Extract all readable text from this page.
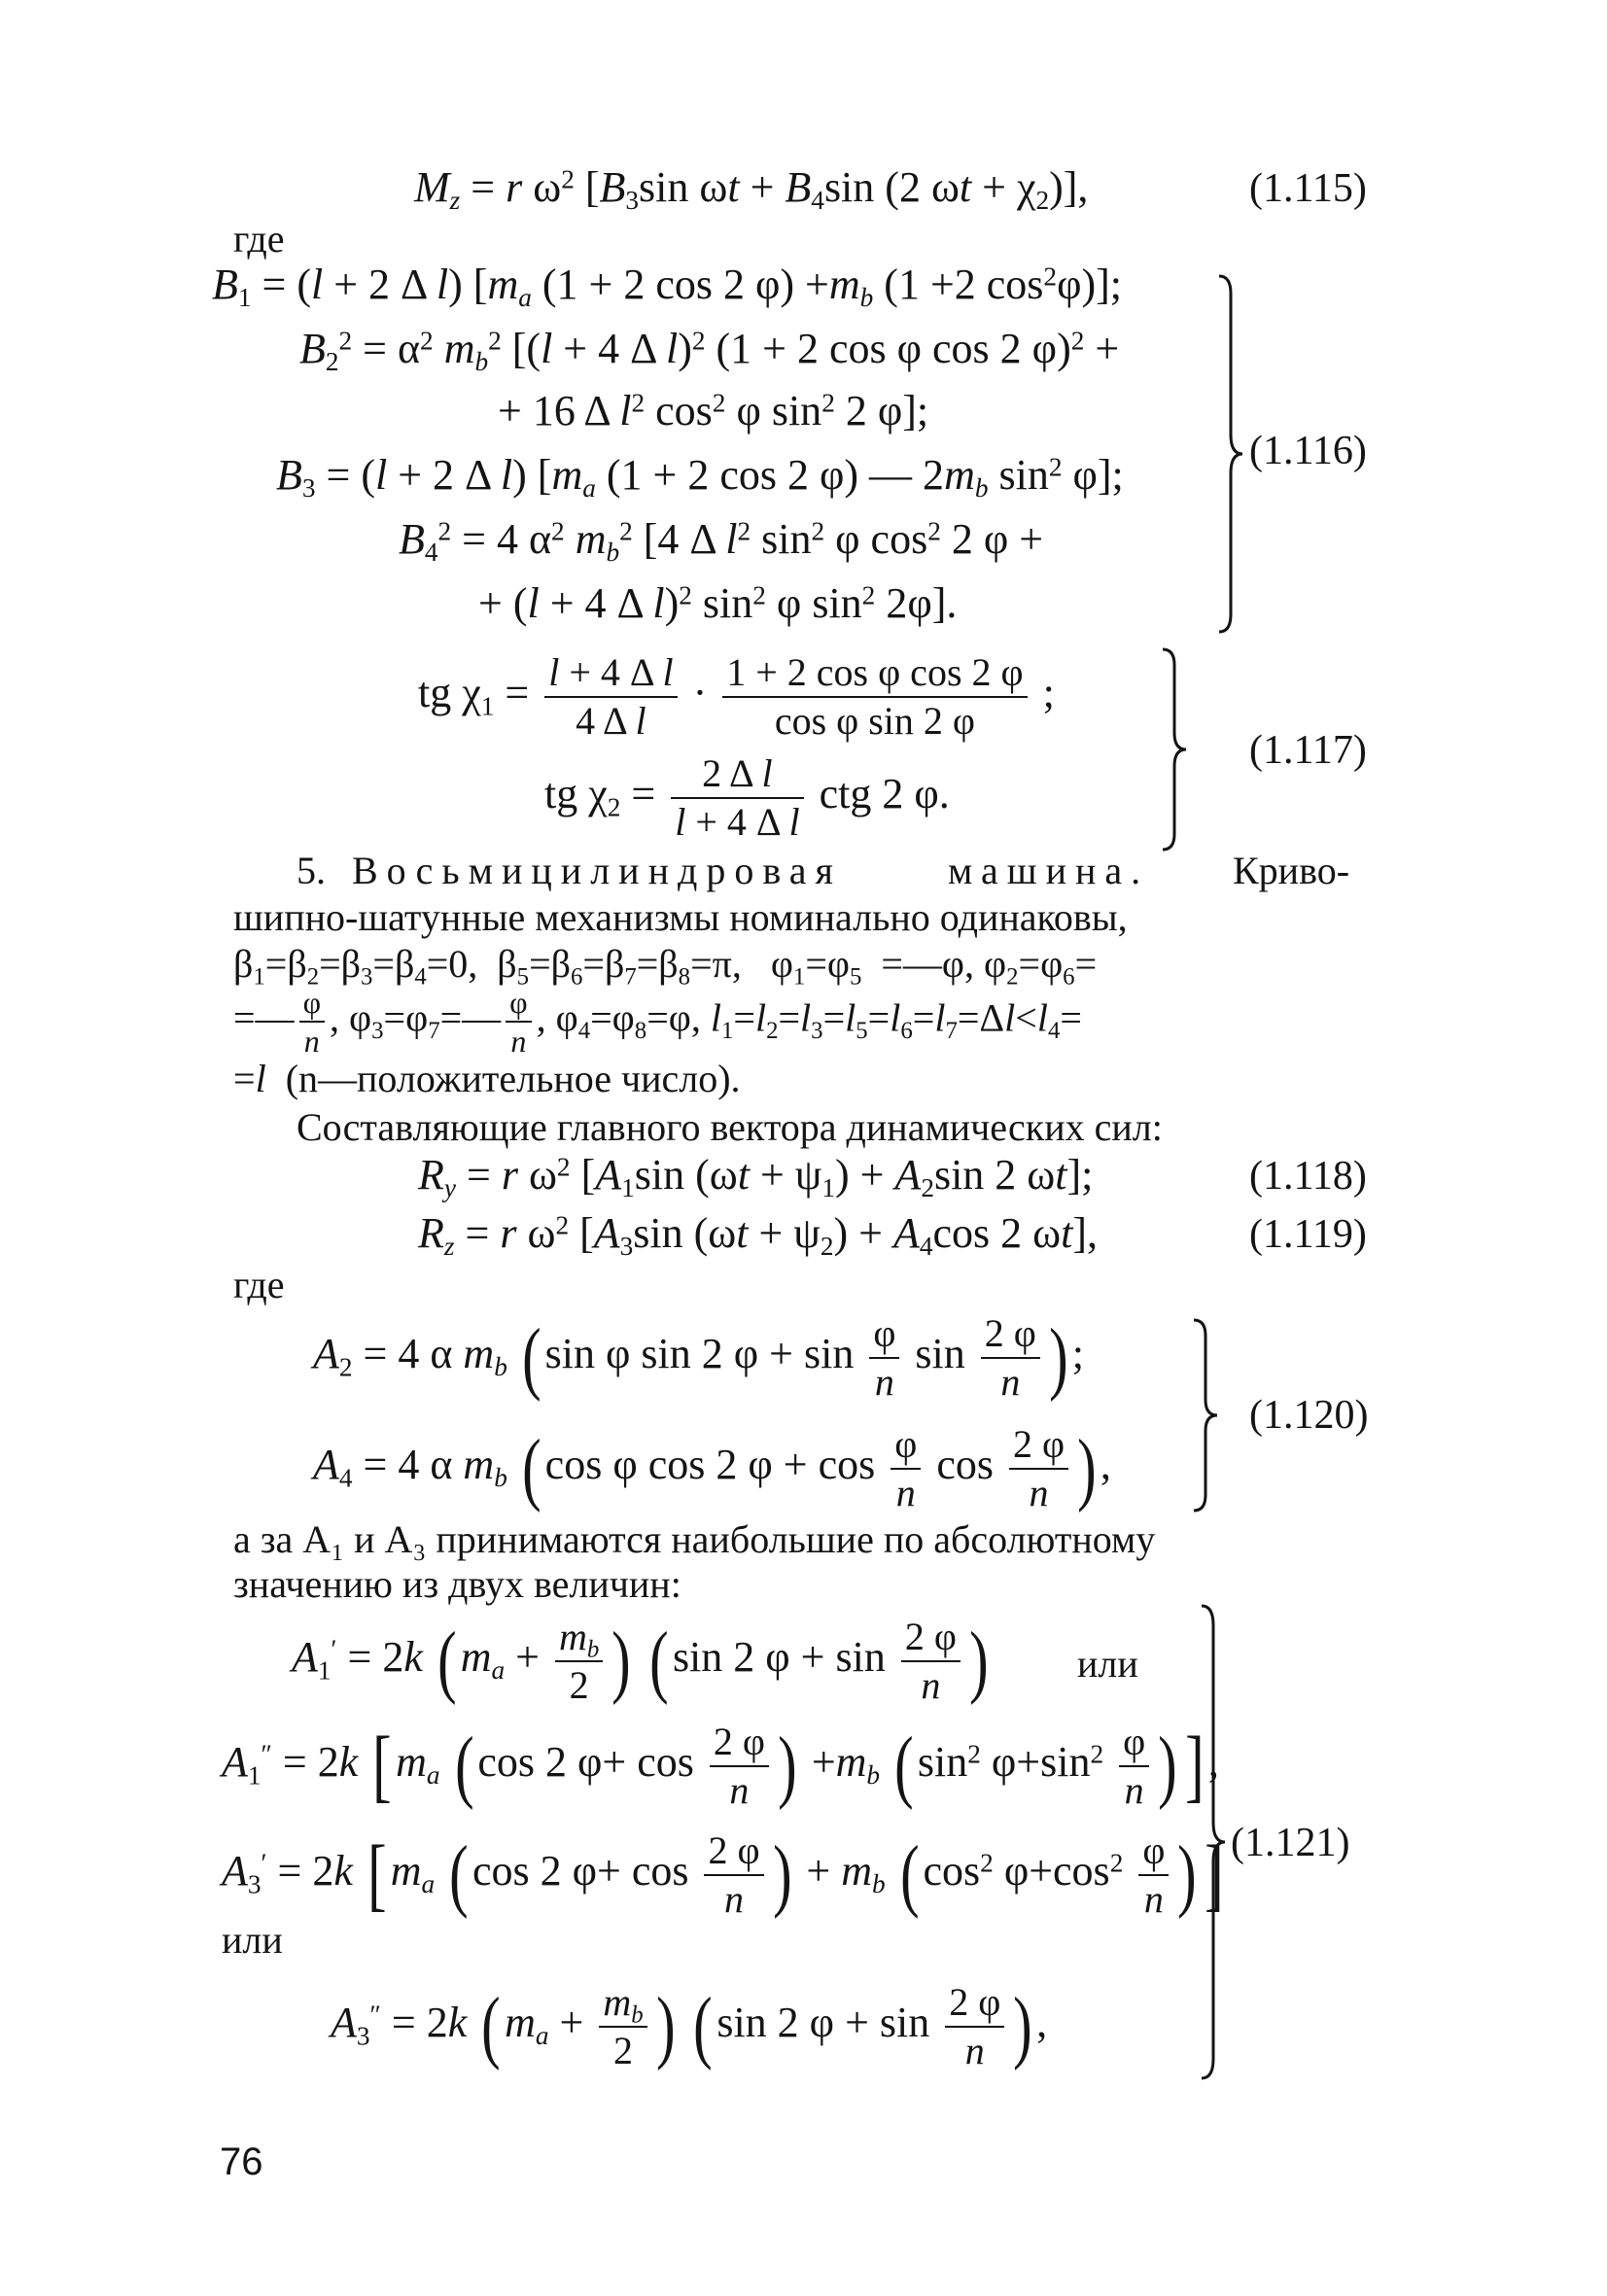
$M_z = r$ $\omega^2$ [$B_3\sin$ $\omega t + B_4\sin$ (2 $\omega t + \chi_2$)],	(1.115)
где
$B_1 = (l + 2$ Δ l) [$m_a$ (1 + 2 cos 2 $\varphi) +m_b$ (1 +2 $\cos^2\varphi$)];
$B_2^2 = \alpha^2$ $m_b^2$ [(l + 4 Δ l)$^2$ (1 + 2 cos φ cos 2 φ)$^2$ +
+ 16 Δ $l^2$ $\cos^2 \varphi$ $\sin^2 2$ φ];
$B_3 = (l + 2$ Δ l) [$m_a$ (1 + 2 cos 2 φ) — $2m_b$ $\sin^2 \varphi$];
$B_4^2 = 4$ $\alpha^2$ $m_b^2$ [4 Δ $l^2$ $\sin^2 \varphi$ $\cos^2 2$ φ +
+ (l + 4 Δ l)$^2$ $\sin^2 \varphi$ $\sin^2 2\varphi$].
(1.116)
tg $\chi_1 = \frac{\text{l + 4 Δ l}}{\text{4 Δ l}} \cdot \frac{\text{1 + 2 cos φ cos 2 φ}}{\text{cos φ sin 2 φ}}$ ;
tg $\chi_2 = \frac{\text{2 Δ l}}{\text{l + 4 Δ l}}$ ctg 2 φ.
(1.117)
5. Восьмицилиндровая	машина. Криво-
шипно-шатунные механизмы номинально одинаковы,
$\beta_1=\beta_2=\beta_3=\beta_4=0$,  $\beta_5=\beta_6=\beta_7=\beta_8=\pi$,   $\varphi_1=\varphi_5$  =—φ, $\varphi_2=\varphi_6=$
=— $\frac{\varphi}{n}$ , $\varphi_3=\varphi_7=— \frac{\varphi}{n}$ , $\varphi_4=\varphi_8=\varphi$, $l_1=l_2=l_3=l_5=l_6=l_7=\Delta l<l_4=$
=l (n—положительное число).
Составляющие главного вектора динамических сил:
$R_y = r$ $\omega^2$ [$A_1\sin$ $(\omega t + \psi_1) + A_2\sin$ 2 ωt];	(1.118)
$R_z = r$ $\omega^2$ [$A_3\sin$ $(\omega t + \psi_2) + A_4\cos$ 2 ωt],	(1.119)
где
$A_2 = 4$ α $m_b$ (sin φ sin 2 $\varphi + \sin \frac{\varphi}{n}$ $\sin \frac{2 \varphi}{n}$ );
$A_4 = 4$ α $m_b$ (cos φ cos 2 $\varphi + \cos \frac{\varphi}{n}$ $\cos \frac{2 \varphi}{n}$ ),
(1.120)
а за A₁ и A₃ принимаются наибольшие по абсолютному
значению из двух величин:
$A_1' = 2k$ ($m_a + \frac{m_b}{2}$ ) (sin 2 $\varphi + \sin \frac{2 \varphi}{n}$ ) или
$A_1'' = 2k$ [$m_a$ (cos 2 $\varphi+ \cos \frac{2 \varphi}{n}$ ) $+m_b$ ($\sin^2$ $\varphi+\sin^2 \frac{\varphi}{n}$ )],
$A_3' = 2k$ [$m_a$ (cos 2 $\varphi+ \cos \frac{2 \varphi}{n}$ ) + $m_b$ ($\cos^2$ $\varphi+\cos^2 \frac{\varphi}{n}$ )]
или
$A_3'' = 2k$ ($m_a + \frac{m_b}{2}$ ) (sin 2 $\varphi + \sin \frac{2 \varphi}{n}$ ),
(1.121)
76
